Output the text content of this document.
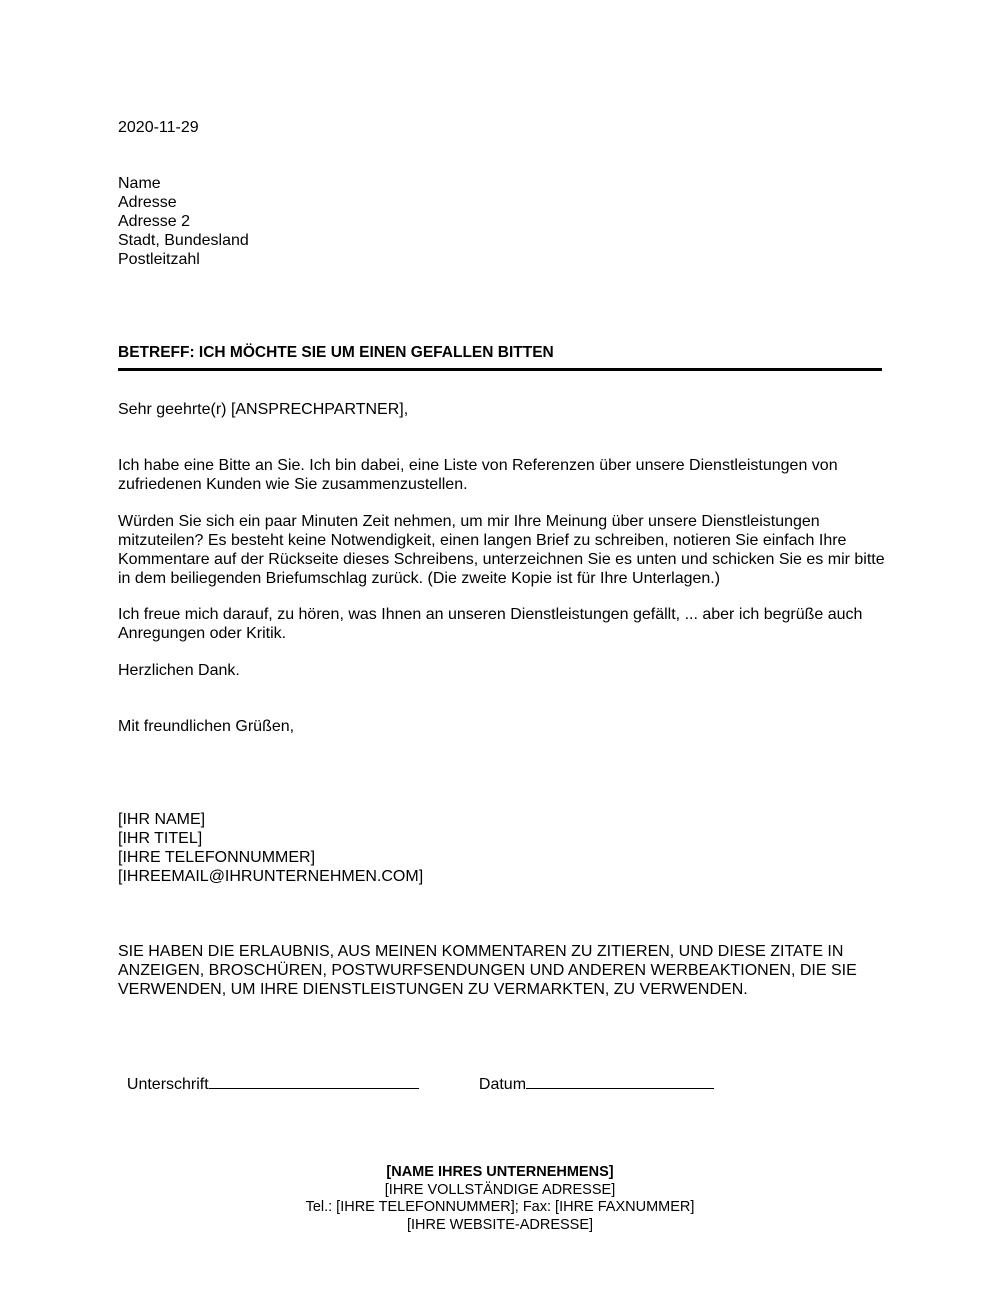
2020-11-29
Name
Adresse
Adresse 2
Stadt, Bundesland
Postleitzahl
BETREFF: ICH MÖCHTE SIE UM EINEN GEFALLEN BITTEN
Sehr geehrte(r) [ANSPRECHPARTNER],
Ich habe eine Bitte an Sie. Ich bin dabei, eine Liste von Referenzen über unsere Dienstleistungen von zufriedenen Kunden wie Sie zusammenzustellen.
Würden Sie sich ein paar Minuten Zeit nehmen, um mir Ihre Meinung über unsere Dienstleistungen mitzuteilen? Es besteht keine Notwendigkeit, einen langen Brief zu schreiben, notieren Sie einfach Ihre Kommentare auf der Rückseite dieses Schreibens, unterzeichnen Sie es unten und schicken Sie es mir bitte in dem beiliegenden Briefumschlag zurück. (Die zweite Kopie ist für Ihre Unterlagen.)
Ich freue mich darauf, zu hören, was Ihnen an unseren Dienstleistungen gefällt, ... aber ich begrüße auch Anregungen oder Kritik.
Herzlichen Dank.
Mit freundlichen Grüßen,
[IHR NAME]
[IHR TITEL]
[IHRE TELEFONNUMMER]
[IHREEMAIL@IHRUNTERNEHMEN.COM]
SIE HABEN DIE ERLAUBNIS, AUS MEINEN KOMMENTAREN ZU ZITIEREN, UND DIESE ZITATE IN ANZEIGEN, BROSCHÜREN, POSTWURFSENDUNGEN UND ANDEREN WERBEAKTIONEN, DIE SIE VERWENDEN, UM IHRE DIENSTLEISTUNGEN ZU VERMARKTEN, ZU VERWENDEN.

Unterschrift	Datum

[NAME IHRES UNTERNEHMENS]
[IHRE VOLLSTÄNDIGE ADRESSE]
Tel.: [IHRE TELEFONNUMMER]; Fax: [IHRE FAXNUMMER]
[IHRE WEBSITE-ADRESSE]
